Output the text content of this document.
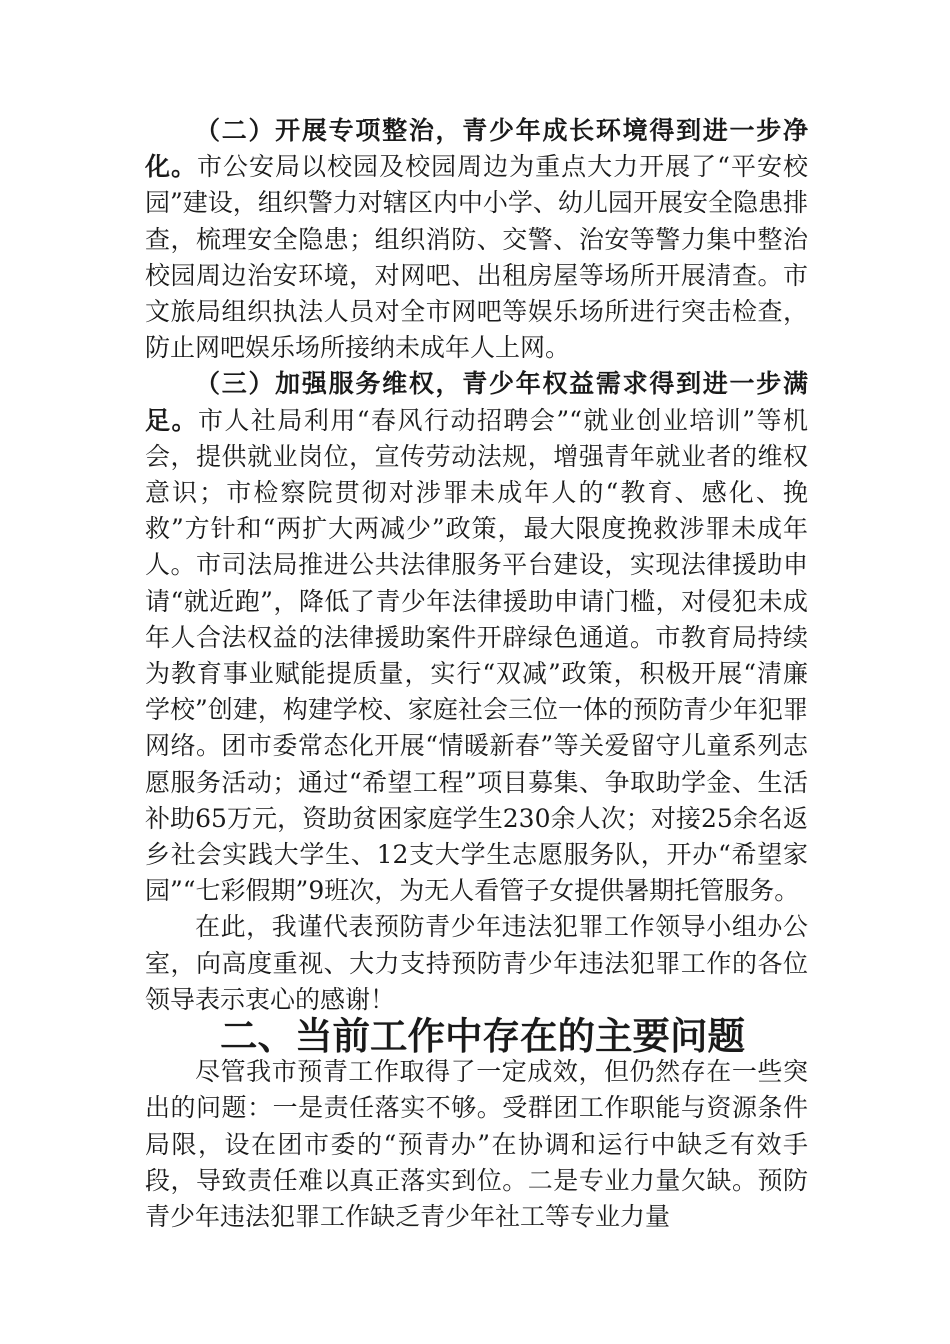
（二）开展专项整治，青少年成长环境得到进一步净化。市公安局以校园及校园周边为重点大力开展了“平安校园”建设，组织警力对辖区内中小学、幼儿园开展安全隐患排查，梳理安全隐患；组织消防、交警、治安等警力集中整治校园周边治安环境，对网吧、出租房屋等场所开展清查。市文旅局组织执法人员对全市网吧等娱乐场所进行突击检查，防止网吧娱乐场所接纳未成年人上网。

（三）加强服务维权，青少年权益需求得到进一步满足。市人社局利用“春风行动招聘会”“就业创业培训”等机会，提供就业岗位，宣传劳动法规，增强青年就业者的维权意识；市检察院贯彻对涉罪未成年人的“教育、感化、挽救”方针和“两扩大两减少”政策，最大限度挽救涉罪未成年人。市司法局推进公共法律服务平台建设，实现法律援助申请“就近跑”，降低了青少年法律援助申请门槛，对侵犯未成年人合法权益的法律援助案件开辟绿色通道。市教育局持续为教育事业赋能提质量，实行“双减”政策，积极开展“清廉学校”创建，构建学校、家庭社会三位一体的预防青少年犯罪网络。团市委常态化开展“情暖新春”等关爱留守儿童系列志愿服务活动；通过“希望工程”项目募集、争取助学金、生活补助65万元，资助贫困家庭学生230余人次；对接25余名返乡社会实践大学生、12支大学生志愿服务队，开办“希望家园”“七彩假期”9班次，为无人看管子女提供暑期托管服务。

在此，我谨代表预防青少年违法犯罪工作领导小组办公室，向高度重视、大力支持预防青少年违法犯罪工作的各位领导表示衷心的感谢！

二、当前工作中存在的主要问题

尽管我市预青工作取得了一定成效，但仍然存在一些突出的问题：一是责任落实不够。受群团工作职能与资源条件局限，设在团市委的“预青办”在协调和运行中缺乏有效手段，导致责任难以真正落实到位。二是专业力量欠缺。预防青少年违法犯罪工作缺乏青少年社工等专业力量
